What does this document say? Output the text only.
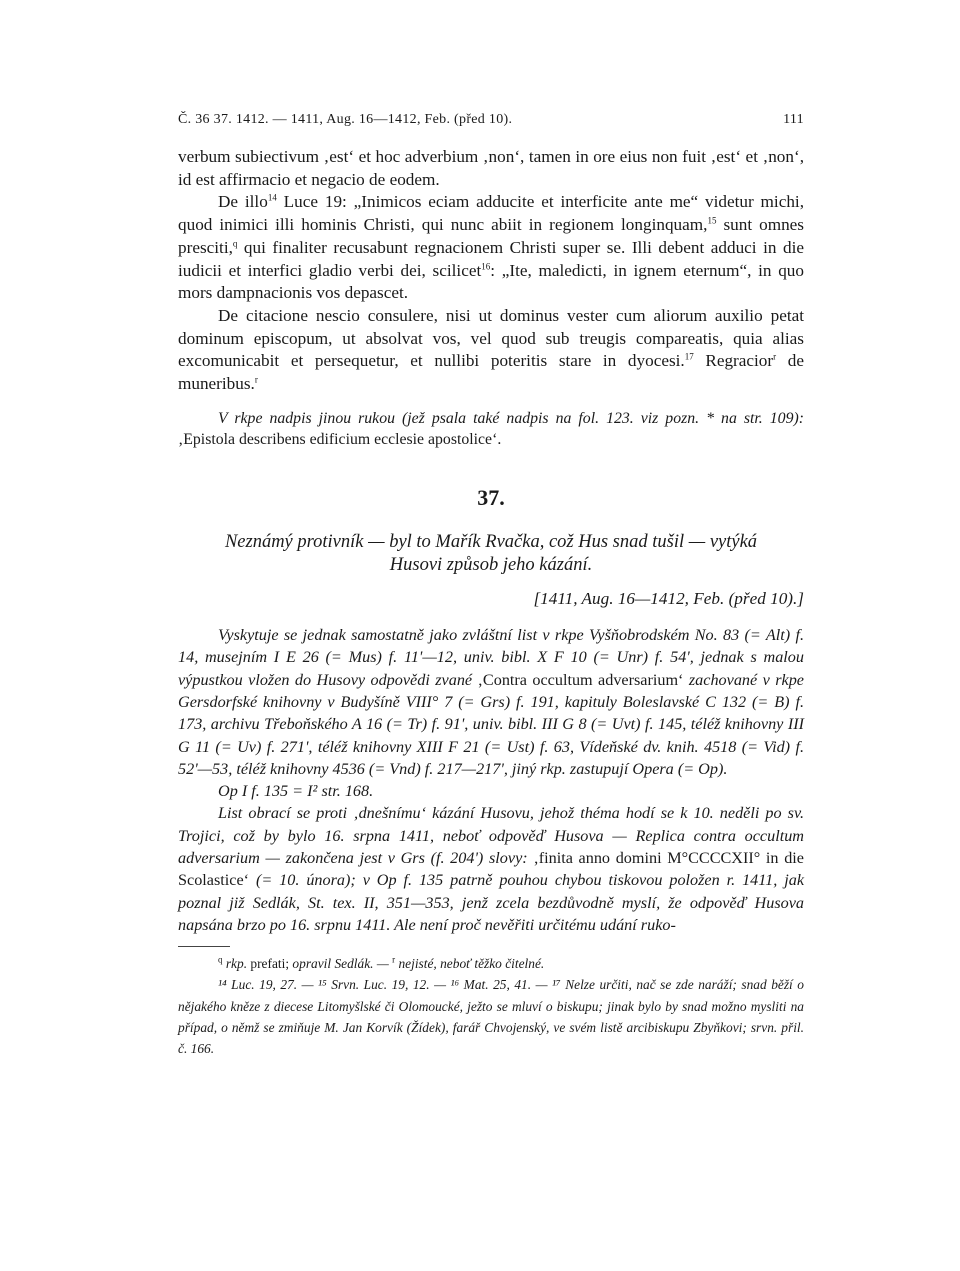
Č. 36 37. 1412. — 1411, Aug. 16—1412, Feb. (před 10).	111

verbum subiectivum ‚est‘ et hoc adverbium ‚non‘, tamen in ore eius non fuit ‚est‘ et ‚non‘, id est affirmacio et negacio de eodem.

De illo$^{14}$ Luce 19: „Inimicos eciam adducite et interficite ante me“ videtur michi, quod inimici illi hominis Christi, qui nunc abiit in regionem longinquam,$^{15}$ sunt omnes presciti,$^q$ qui finaliter recusabunt regnacionem Christi super se. Illi debent adduci in die iudicii et interfici gladio verbi dei, scilicet$^{16}$: „Ite, maledicti, in ignem eternum“, in quo mors dampnacionis vos depascet.

De citacione nescio consulere, nisi ut dominus vester cum aliorum auxilio petat dominum episcopum, ut absolvat vos, vel quod sub treugis compareatis, quia alias excomunicabit et persequetur, et nullibi poteritis stare in dyocesi.$^{17}$ Regracior$^r$ de muneribus.$^r$

V rkpe nadpis jinou rukou (jež psala také nadpis na fol. 123. viz pozn. * na str. 109): ‚Epistola describens edificium ecclesie apostolice‘.

37.
Neznámý protivník — byl to Mařík Rvačka, což Hus snad tušil — vytýká
Husovi způsob jeho kázání.
[1411, Aug. 16—1412, Feb. (před 10).]

Vyskytuje se jednak samostatně jako zvláštní list v rkpe Vyšňobrodském No. 83 (= Alt) f. 14, musejním I E 26 (= Mus) f. 11'—12, univ. bibl. X F 10 (= Unr) f. 54', jednak s malou výpustkou vložen do Husovy odpovědi zvané ‚Contra occultum adversarium‘ zachované v rkpe Gersdorfské knihovny v Budyšíně VIII° 7 (= Grs) f. 191, kapituly Boleslavské C 132 (= B) f. 173, archivu Třeboňského A 16 (= Tr) f. 91', univ. bibl. III G 8 (= Uvt) f. 145, téléž knihovny III G 11 (= Uv) f. 271', téléž knihovny XIII F 21 (= Ust) f. 63, Vídeňské dv. knih. 4518 (= Vid) f. 52'—53, téléž knihovny 4536 (= Vnd) f. 217—217', jiný rkp. zastupují Opera (= Op).

Op I f. 135 = I² str. 168.

List obrací se proti ‚dnešnímu‘ kázání Husovu, jehož théma hodí se k 10. neděli po sv. Trojici, což by bylo 16. srpna 1411, neboť odpověď Husova — Replica contra occultum adversarium — zakončena jest v Grs (f. 204') slovy: ‚finita anno domini M°CCCCXII° in die Scolastice‘ (= 10. února); v Op f. 135 patrně pouhou chybou tiskovou položen r. 1411, jak poznal již Sedlák, St. tex. II, 351—353, jenž zcela bezdůvodně myslí, že odpověď Husova napsána brzo po 16. srpnu 1411. Ale není proč nevěřiti určitému udání ruko-

$^q$ rkp. prefati; opravil Sedlák. — $^r$ nejisté, neboť těžko čitelné.

¹⁴ Luc. 19, 27. — ¹⁵ Srvn. Luc. 19, 12. — ¹⁶ Mat. 25, 41. — ¹⁷ Nelze určiti, nač se zde naráží; snad běží o nějakého kněze z diecese Litomyšlské či Olomoucké, ježto se mluví o biskupu; jinak bylo by snad možno mysliti na případ, o němž se zmiňuje M. Jan Korvík (Žídek), farář Chvojenský, ve svém listě arcibiskupu Zbyňkovi; srvn. přil. č. 166.
